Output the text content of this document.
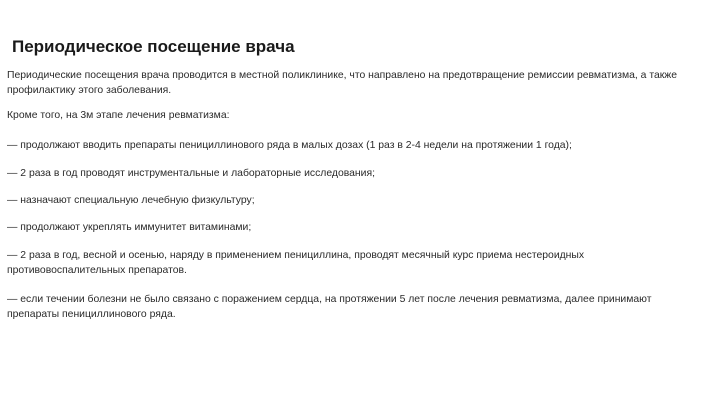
Периодическое посещение врача

Периодические посещения врача проводится в местной поликлинике, что направлено на предотвращение ремиссии ревматизма, а также профилактику этого заболевания.

Кроме того, на 3м этапе лечения ревматизма:

— продолжают вводить препараты пенициллинового ряда в малых дозах (1 раз в 2-4 недели на протяжении 1 года);

— 2 раза в год проводят инструментальные и лабораторные исследования;

— назначают специальную лечебную физкультуру;

— продолжают укреплять иммунитет витаминами;

— 2 раза в год, весной и осенью, наряду в применением пенициллина, проводят месячный курс приема нестероидных противовоспалительных препаратов.

— если течении болезни не было связано с поражением сердца, на протяжении 5 лет после лечения ревматизма, далее принимают препараты пенициллинового ряда.
